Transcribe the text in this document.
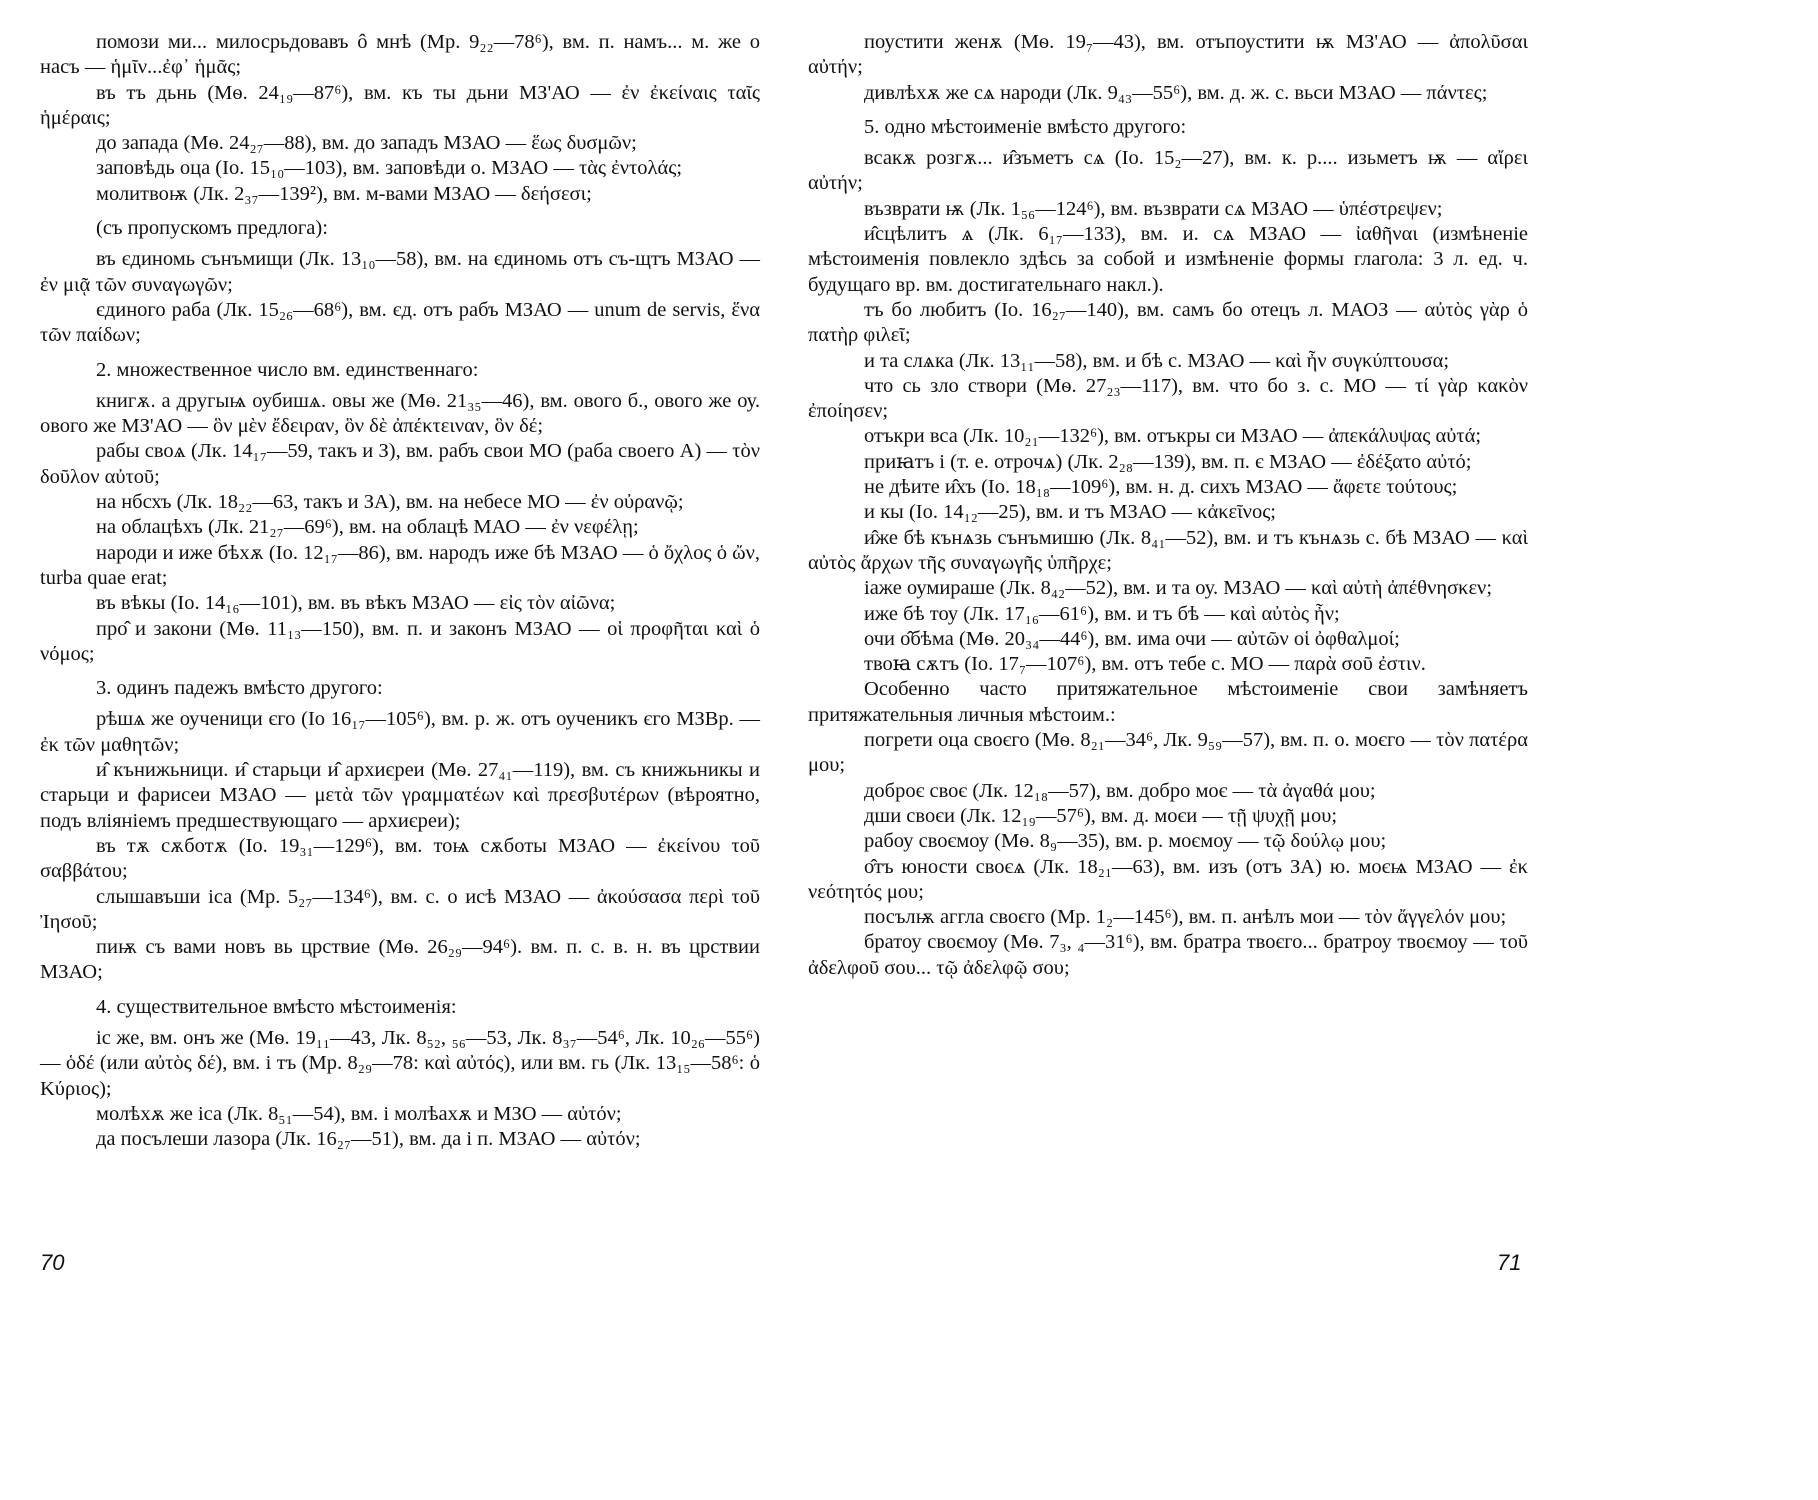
помози ми... милосрьдовавъ ô мнѣ (Мр. 9₂₂—78⁶), вм. п. намъ... м. же о насъ — ἡμῖν...ἐφ᾽ ἡμᾶς;

въ тъ дьнь (Мѳ. 24₁₉—87⁶), вм. къ ты дьни МЗ'АО — ἐν ἐκείναις ταῖς ἡμέραις;

до запада (Мѳ. 24₂₇—88), вм. до западъ МЗАО — ἕως δυσμῶν;

заповѣдь оца (Io. 15₁₀—103), вм. заповѣди о. МЗАО — τὰς ἐντολάς;

молитвоѭ (Лк. 2₃₇—139²), вм. м-вами МЗАО — δεήσεσι;

(съ пропускомъ предлога):

въ єдиномь сънъмищи (Лк. 13₁₀—58), вм. на єдиномь отъ съ-щтъ МЗАО — ἐν μιᾷ τῶν συναγωγῶν;

єдиного раба (Лк. 15₂₆—68⁶), вм. єд. отъ рабъ МЗАО — unum de servis, ἕνα τῶν παίδων;

2. множественное число вм. единственнаго:

книгѫ. а другыѩ оубишѧ. овы же (Мѳ. 21₃₅—46), вм. ового б., ового же оу. ового же МЗ'АО — ὃν μὲν ἔδειραν, ὃν δὲ ἀπέκτειναν, ὃν δέ;

рабы своѧ (Лк. 14₁₇—59, такъ и З), вм. рабъ свои МО (раба своего А) — τὸν δοῦλον αὐτοῦ;

на нбсхъ (Лк. 18₂₂—63, такъ и ЗА), вм. на небесе МО — ἐν οὐρανῷ;

на облацѣхъ (Лк. 21₂₇—69⁶), вм. на облацѣ МАО — ἐν νεφέλῃ;

народи и иже бѣхѫ (Io. 12₁₇—86), вм. народъ иже бѣ МЗАО — ὁ ὄχλος ὁ ὤν, turba quae erat;

въ вѣкы (Io. 14₁₆—101), вм. въ вѣкъ МЗАО — εἰς τὸν αἰῶνα;

про̂ и закони (Мѳ. 11₁₃—150), вм. п. и законъ МЗАО — οἱ προφῆται καὶ ὁ νόμος;

3. одинъ падежъ вмѣсто другого:

рѣшѧ же оученици єго (Io 16₁₇—105⁶), вм. р. ж. отъ оученикъ єго МЗВр. — ἐκ τῶν μαθητῶν;

и̂ кънижьници. и̂ старьци и̂ архиєреи (Мѳ. 27₄₁—119), вм. съ книжьникы и старьци и фарисеи МЗАО — μετὰ τῶν γραμματέων καὶ πρεσβυτέρων (вѣроятно, подъ вліяніемъ предшествующаго — архиєреи);

въ тѫ сѫботѫ (Io. 19₃₁—129⁶), вм. тоѩ сѫботы МЗАО — ἐκείνου τοῦ σαββάτου;

слышавъши іса (Мр. 5₂₇—134⁶), вм. с. о исѣ МЗАО — ἀκούσασα περὶ τοῦ Ἰησοῦ;

пиѭ съ вами новъ вь црствие (Мѳ. 26₂₉—94⁶). вм. п. с. в. н. въ црствии МЗАО;

4. существительное вмѣсто мѣстоименія:

іс же, вм. онъ же (Мѳ. 19₁₁—43, Лк. 8₅₂, ₅₆—53, Лк. 8₃₇—54⁶, Лк. 10₂₆—55⁶) — ὁδέ (или αὐτὸς δέ), вм. і тъ (Мр. 8₂₉—78: καὶ αὐτός), или вм. гь (Лк. 13₁₅—58⁶: ὁ Κύριος);

молѣхѫ же іса (Лк. 8₅₁—54), вм. і молѣахѫ и МЗО — αὐτόν;

да посълеши лазора (Лк. 16₂₇—51), вм. да і п. МЗАО — αὐτόν;

поустити женѫ (Мѳ. 19₇—43), вм. отъпоустити ѭ МЗ'АО — ἀπολῦσαι αὐτήν;

дивлѣхѫ же сѧ народи (Лк. 9₄₃—55⁶), вм. д. ж. с. вьси МЗАО — πάντες;

5. одно мѣстоименіе вмѣсто другого:

всакѫ розгѫ... и̂зъметъ сѧ (Io. 15₂—27), вм. к. р.... изьметъ ѭ — αἴρει αὐτήν;

възврати ѭ (Лк. 1₅₆—124⁶), вм. възврати сѧ МЗАО — ὑπέστρεψεν;

и̂сцѣлитъ ѧ (Лк. 6₁₇—133), вм. и. сѧ МЗАО — ἰαθῆναι (измѣненіе мѣстоименія повлекло здѣсь за собой и измѣненіе формы глагола: 3 л. ед. ч. будущаго вр. вм. достигательнаго накл.).

тъ бо любитъ (Io. 16₂₇—140), вм. самъ бо отецъ л. МАОЗ — αὐτὸς γὰρ ὁ πατὴρ φιλεῖ;

и та слѧка (Лк. 13₁₁—58), вм. и бѣ с. МЗАО — καὶ ἦν συγκύπτουσα;

что сь зло створи (Мѳ. 27₂₃—117), вм. что бо з. с. МО — τί γὰρ κακὸν ἐποίησεν;

отъкри вса (Лк. 10₂₁—132⁶), вм. отъкры си МЗАО — ἀπεκάλυψας αὐτά;

приꙗтъ і (т. е. отрочѧ) (Лк. 2₂₈—139), вм. п. є МЗАО — ἐδέξατο αὐτό;

не дѣите и̂хъ (Io. 18₁₈—109⁶), вм. н. д. сихъ МЗАО — ἄφετε τούτους;

и кы (Io. 14₁₂—25), вм. и тъ МЗАО — κἀκεῖνος;

и̂же бѣ кънѧзь сънъмишю (Лк. 8₄₁—52), вм. и тъ кънѧзь с. бѣ МЗАО — καὶ αὐτὸς ἄρχων τῆς συναγωγῆς ὑπῆρχε;

іаже оумираше (Лк. 8₄₂—52), вм. и та оу. МЗАО — καὶ αὐτὴ ἀπέθνησκεν;

иже бѣ тоу (Лк. 17₁₆—61⁶), вм. и тъ бѣ — καὶ αὐτὸς ἦν;

очи о̂бѣма (Мѳ. 20₃₄—44⁶), вм. има очи — αὐτῶν οἱ ὀφθαλμοί;

твоꙗ сѫтъ (Io. 17₇—107⁶), вм. отъ тебе с. МО — παρὰ σοῦ ἐστιν.

Особенно часто притяжательное мѣстоименіе свои замѣняетъ притяжательныя личныя мѣстоим.:

погрети оца своєго (Мѳ. 8₂₁—34⁶, Лк. 9₅₉—57), вм. п. о. моєго — τὸν πατέρα μου;

доброє своє (Лк. 12₁₈—57), вм. добро моє — τὰ ἀγαθά μου;

дши своєи (Лк. 12₁₉—57⁶), вм. д. моєи — τῇ ψυχῇ μου;

рабоу своємоу (Мѳ. 8₉—35), вм. р. моємоу — τῷ δούλῳ μου;

о̂тъ юности своєѧ (Лк. 18₂₁—63), вм. изъ (отъ ЗА) ю. моєѩ МЗАО — ἐκ νεότητός μου;

посълѭ агглa своєго (Мр. 1₂—145⁶), вм. п. анѣлъ мои — τὸν ἄγγελόν μου;

братоу своємоу (Мѳ. 7₃, ₄—31⁶), вм. братра твоєго... братроу твоємоу — τοῦ ἀδελφοῦ σου... τῷ ἀδελφῷ σου;

70	71
